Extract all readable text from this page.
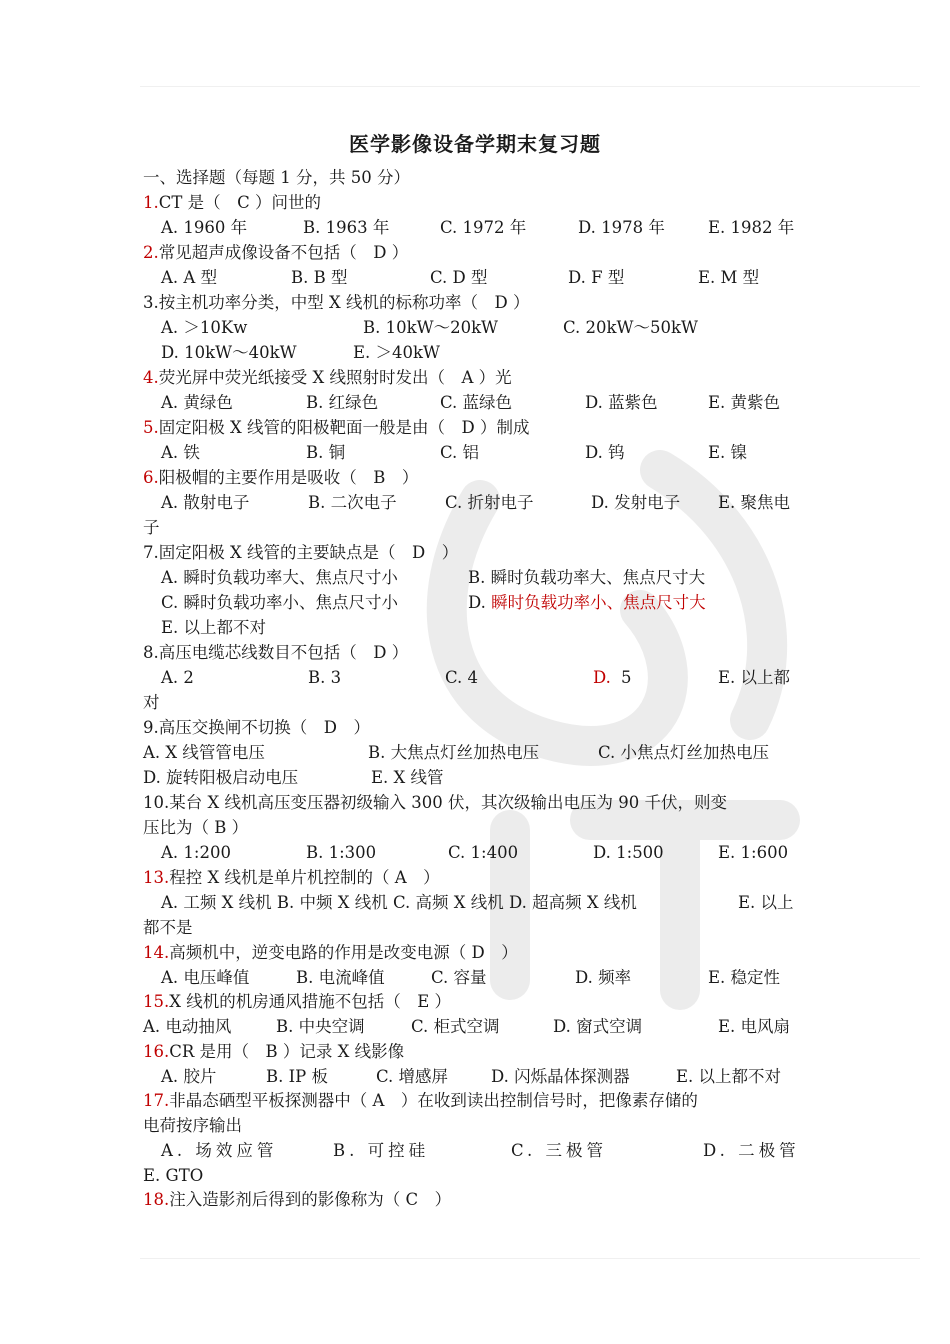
医学影像设备学期末复习题
一、选择题（每题 1 分，共 50 分）
1.CT 是（　C ）问世的
A. 1960 年	B. 1963 年	C. 1972 年	D. 1978 年	E. 1982 年
2.常见超声成像设备不包括（　D ）
A. A 型	B. B 型	C. D 型	D. F 型	E. M 型
3.按主机功率分类，中型 X 线机的标称功率（　D ）
A. ＞10Kw	B. 10kW～20kW	C. 20kW～50kW
D. 10kW～40kW	E. ＞40kW
4.荧光屏中荧光纸接受 X 线照射时发出（　A ）光
A. 黄绿色	B. 红绿色	C. 蓝绿色	D. 蓝紫色	E. 黄紫色
5.固定阳极 X 线管的阳极靶面一般是由（　D ）制成
A. 铁	B. 铜	C. 铝	D. 钨	E. 镍
6.阳极帽的主要作用是吸收（　B　）
A. 散射电子	B. 二次电子	C. 折射电子	D. 发射电子 E. 聚焦电
子
7.固定阳极 X 线管的主要缺点是（　D　）
A. 瞬时负载功率大、焦点尺寸小	B. 瞬时负载功率大、焦点尺寸大
C. 瞬时负载功率小、焦点尺寸小	D. 瞬时负载功率小、焦点尺寸大
E. 以上都不对
8.高压电缆芯线数目不包括（　D ）
A. 2	B. 3	C. 4	D. 5	E. 以上都
对
9.高压交换闸不切换（　D　）
A. X 线管管电压	B. 大焦点灯丝加热电压	C. 小焦点灯丝加热电压
D. 旋转阳极启动电压	E. X 线管
10.某台 X 线机高压变压器初级输入 300 伏，其次级输出电压为 90 千伏，则变
压比为（ B ）
A. 1:200	B. 1:300	C. 1:400	D. 1:500	E. 1:600
13.程控 X 线机是单片机控制的（ A　）
A. 工频 X 线机 B. 中频 X 线机 C. 高频 X 线机 D. 超高频 X 线机	E. 以上
都不是
14.高频机中，逆变电路的作用是改变电源（ D　）
A. 电压峰值	B. 电流峰值	C. 容量	D. 频率	E. 稳定性
15.X 线机的机房通风措施不包括（　E ）
A. 电动抽风	B. 中央空调	C. 柜式空调	D. 窗式空调	E. 电风扇
16.CR 是用（　B ）记录 X 线影像
A. 胶片	B. IP 板	C. 增感屏	D. 闪烁晶体探测器	E. 以上都不对
17.非晶态硒型平板探测器中（ A　）在收到读出控制信号时，把像素存储的
电荷按序输出
A. 场效应管	B. 可控硅	C. 三极管	D. 二极管
E. GTO
18.注入造影剂后得到的影像称为（ C　）
